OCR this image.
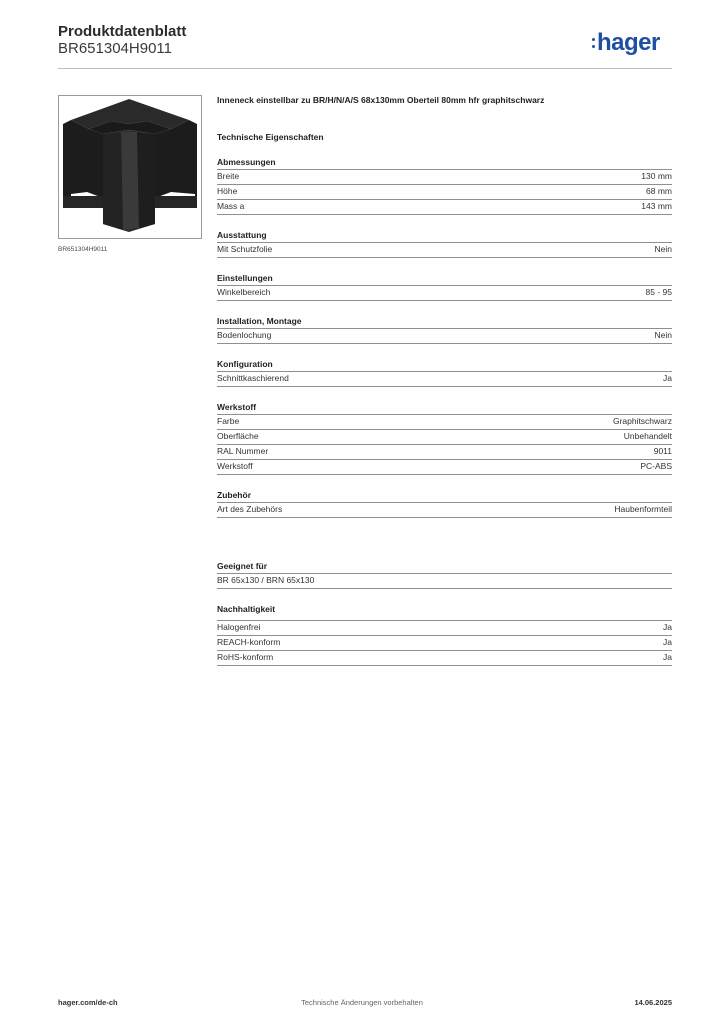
Produktdatenblatt
BR651304H9011	hager
BR651304H9011
Inneneck einstellbar zu BR/H/N/A/S 68x130mm Oberteil 80mm hfr graphitschwarz
Technische Eigenschaften
Abmessungen
Breite	130 mm
Höhe	68 mm
Mass a	143 mm
Ausstattung
Mit Schutzfolie	Nein
Einstellungen
Winkelbereich	85 - 95
Installation, Montage
Bodenlochung	Nein
Konfiguration
Schnittkaschierend	Ja
Werkstoff
Farbe	Graphitschwarz
Oberfläche	Unbehandelt
RAL Nummer	9011
Werkstoff	PC-ABS
Zubehör
Art des Zubehörs	Haubenformteil
Geeignet für
BR 65x130 / BRN 65x130
Nachhaltigkeit
Halogenfrei	Ja
REACH-konform	Ja
RoHS-konform	Ja
hager.com/de-ch	Technische Änderungen vorbehalten	14.06.2025
